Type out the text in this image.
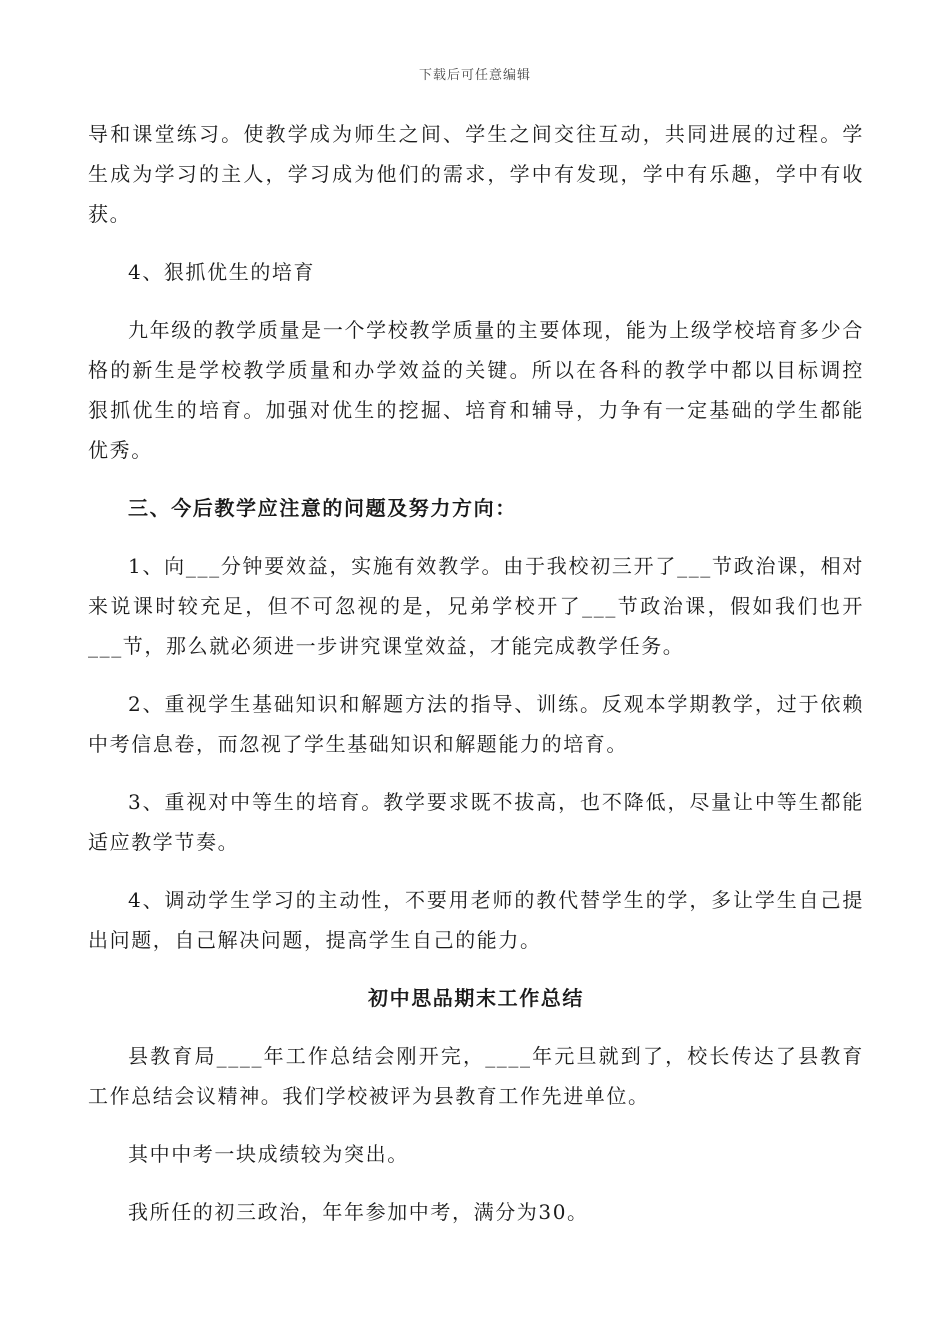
下载后可任意编辑

导和课堂练习。使教学成为师生之间、学生之间交往互动，共同进展的过程。学生成为学习的主人，学习成为他们的需求，学中有发现，学中有乐趣，学中有收获。

4、狠抓优生的培育

九年级的教学质量是一个学校教学质量的主要体现，能为上级学校培育多少合格的新生是学校教学质量和办学效益的关键。所以在各科的教学中都以目标调控狠抓优生的培育。加强对优生的挖掘、培育和辅导，力争有一定基础的学生都能优秀。

三、今后教学应注意的问题及努力方向：

1、向___分钟要效益，实施有效教学。由于我校初三开了___节政治课，相对来说课时较充足，但不可忽视的是，兄弟学校开了___节政治课，假如我们也开___节，那么就必须进一步讲究课堂效益，才能完成教学任务。

2、重视学生基础知识和解题方法的指导、训练。反观本学期教学，过于依赖中考信息卷，而忽视了学生基础知识和解题能力的培育。

3、重视对中等生的培育。教学要求既不拔高，也不降低，尽量让中等生都能适应教学节奏。

4、调动学生学习的主动性，不要用老师的教代替学生的学，多让学生自己提出问题，自己解决问题，提高学生自己的能力。

初中思品期末工作总结

县教育局____年工作总结会刚开完，____年元旦就到了，校长传达了县教育工作总结会议精神。我们学校被评为县教育工作先进单位。

其中中考一块成绩较为突出。

我所任的初三政治，年年参加中考，满分为30。
